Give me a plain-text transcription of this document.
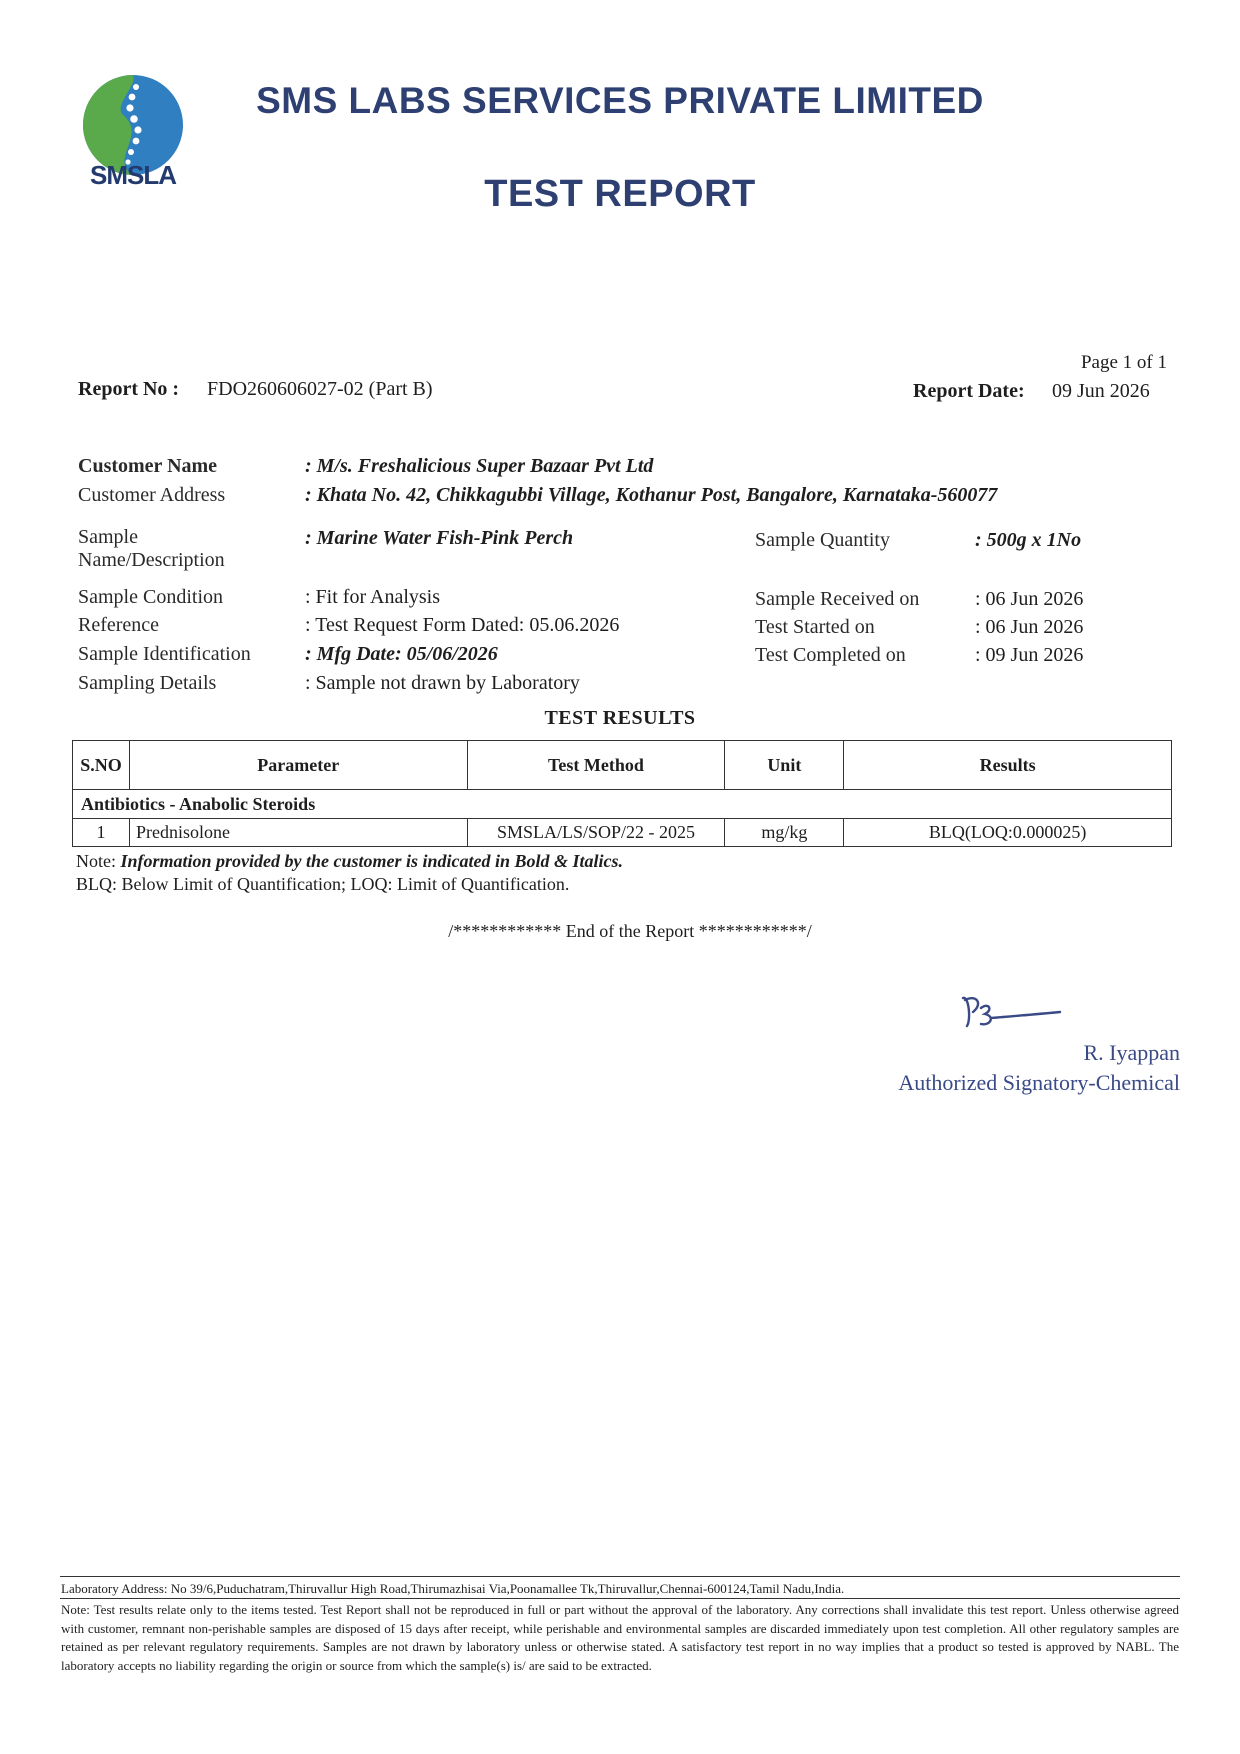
SMSLA
SMS LABS SERVICES PRIVATE LIMITED
TEST REPORT
Page 1 of 1
Report No : FDO260606027-02 (Part B)	Report Date: 09 Jun 2026
Customer Name	: M/s. Freshalicious Super Bazaar Pvt Ltd
Customer Address	: Khata No. 42, Chikkagubbi Village, Kothanur Post, Bangalore, Karnataka-560077
Sample
Name/Description
: Marine Water Fish-Pink Perch	Sample Quantity	: 500g x 1No
Sample Condition	: Fit for Analysis	Sample Received on	: 06 Jun 2026
Reference	: Test Request Form Dated: 05.06.2026	Test Started on	: 06 Jun 2026
Sample Identification	: Mfg Date: 05/06/2026	Test Completed on	: 09 Jun 2026
Sampling Details	: Sample not drawn by Laboratory
TEST RESULTS
S.NO	Parameter	Test Method	Unit	Results
Antibiotics - Anabolic Steroids				
1	Prednisolone	SMSLA/LS/SOP/22 - 2025	mg/kg	BLQ(LOQ:0.000025)
Note: Information provided by the customer is indicated in Bold & Italics.
BLQ: Below Limit of Quantification; LOQ: Limit of Quantification.
/************ End of the Report ************/
R. Iyappan
Authorized Signatory-Chemical
Laboratory Address: No 39/6,Puduchatram,Thiruvallur High Road,Thirumazhisai Via,Poonamallee Tk,Thiruvallur,Chennai-600124,Tamil Nadu,India.
Note: Test results relate only to the items tested. Test Report shall not be reproduced in full or part without the approval of the laboratory. Any corrections shall invalidate this test report. Unless otherwise agreed with customer, remnant non-perishable samples are disposed of 15 days after receipt, while perishable and environmental samples are discarded immediately upon test completion. All other regulatory samples are retained as per relevant regulatory requirements. Samples are not drawn by laboratory unless or otherwise stated. A satisfactory test report in no way implies that a product so tested is approved by NABL. The laboratory accepts no liability regarding the origin or source from which the sample(s) is/ are said to be extracted.
